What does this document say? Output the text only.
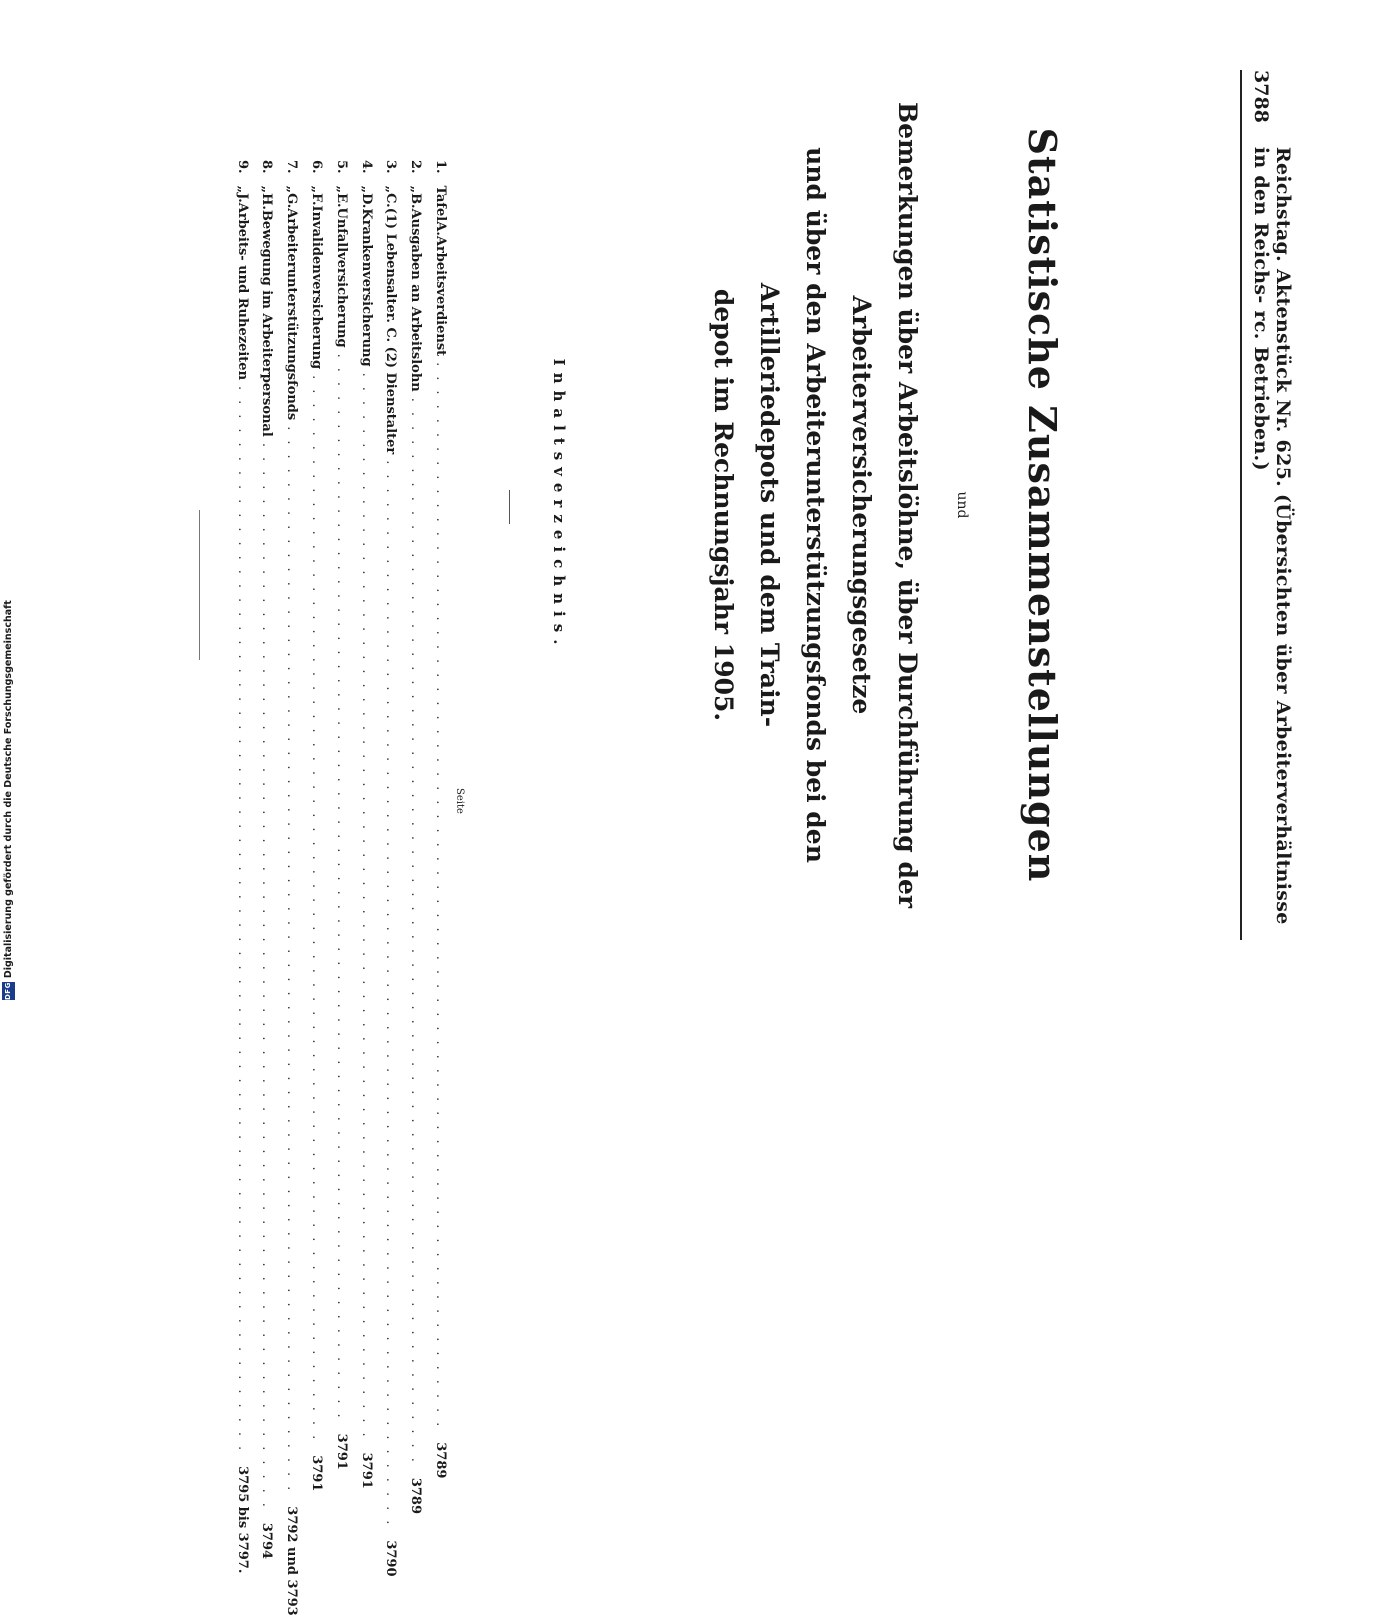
3788
Reichstag. Aktenstück Nr. 625. (Übersichten über Arbeiterverhältnisse in den Reichs- rc. Betrieben.)
Statistische Zusammenstellungen
und
Bemerkungen über Arbeitslöhne, über Durchführung der Arbeiterversicherungsgesetze
und über den Arbeiterunterstützungsfonds bei den Artilleriedepots und dem Train-
depot im Rechnungsjahr 1905.
Inhaltsverzeichnis.
Seite
1.
Tafel
A.
Arbeitsverdienst
............................................................................
3789
2.
„
B.
Ausgaben an Arbeitslohn
............................................................................
3789
3.
„
C.
(1) Lebensalter. C. (2) Dienstalter
............................................................................
3790
4.
„
D.
Krankenversicherung
............................................................................
3791
5.
„
E.
Unfallversicherung
............................................................................
3791
6.
„
F.
Invalidenversicherung
............................................................................
3791
7.
„
G.
Arbeiterunterstützungsfonds
............................................................................
3792 und 3793
8.
„
H.
Bewegung im Arbeiterpersonal
............................................................................
3794
9.
„
J.
Arbeits- und Ruhezeiten
............................................................................
3795 bis 3797.
DFG
Digitalisierung gefördert durch die Deutsche Forschungsgemeinschaft
